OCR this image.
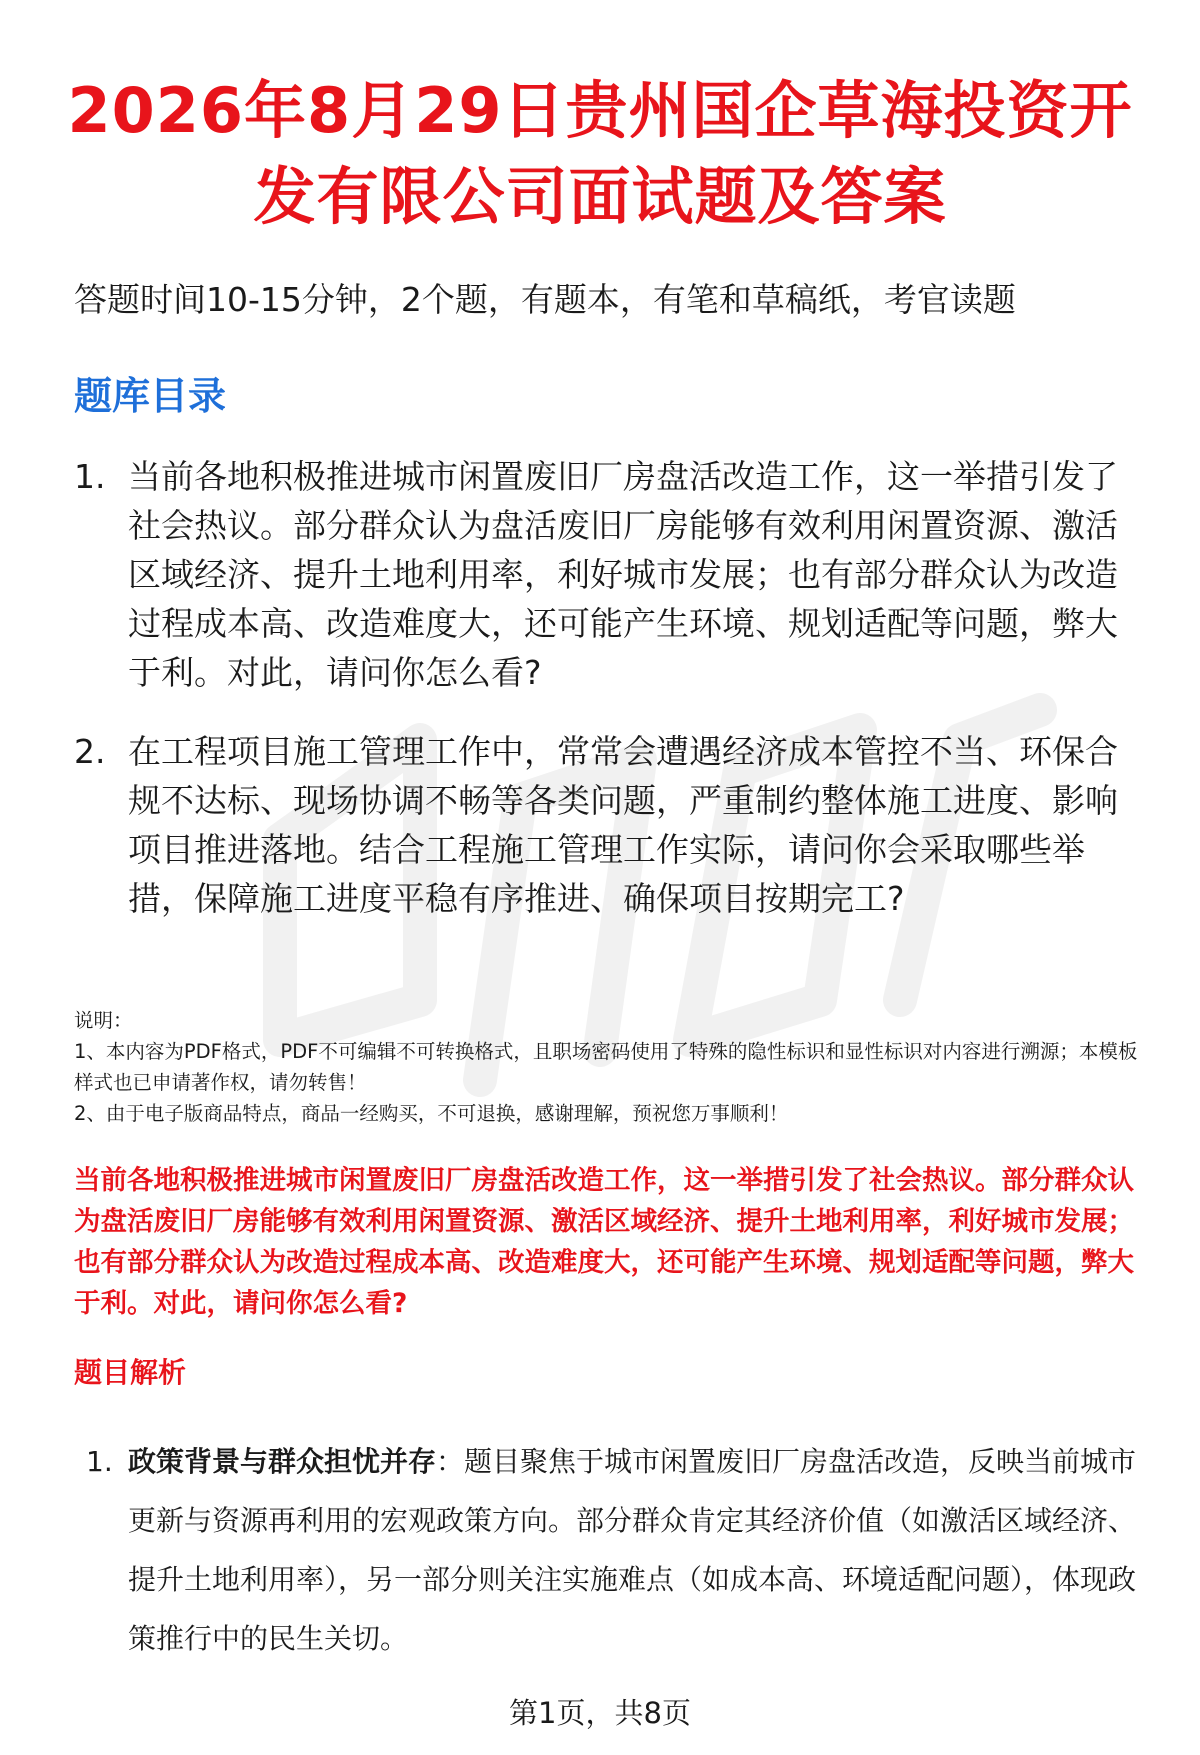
2026年8月29日贵州国企草海投资开发有限公司面试题及答案
答题时间10-15分钟，2个题，有题本，有笔和草稿纸，考官读题
题库目录
1. 当前各地积极推进城市闲置废旧厂房盘活改造工作，这一举措引发了社会热议。部分群众认为盘活废旧厂房能够有效利用闲置资源、激活区域经济、提升土地利用率，利好城市发展；也有部分群众认为改造过程成本高、改造难度大，还可能产生环境、规划适配等问题，弊大于利。对此，请问你怎么看?
2. 在工程项目施工管理工作中，常常会遭遇经济成本管控不当、环保合规不达标、现场协调不畅等各类问题，严重制约整体施工进度、影响项目推进落地。结合工程施工管理工作实际，请问你会采取哪些举措，保障施工进度平稳有序推进、确保项目按期完工?
说明：
1、本内容为PDF格式，PDF不可编辑不可转换格式，且职场密码使用了特殊的隐性标识和显性标识对内容进行溯源；本模板样式也已申请著作权，请勿转售！
2、由于电子版商品特点，商品一经购买，不可退换，感谢理解，预祝您万事顺利！
当前各地积极推进城市闲置废旧厂房盘活改造工作，这一举措引发了社会热议。部分群众认为盘活废旧厂房能够有效利用闲置资源、激活区域经济、提升土地利用率，利好城市发展；也有部分群众认为改造过程成本高、改造难度大，还可能产生环境、规划适配等问题，弊大于利。对此，请问你怎么看?
题目解析
1. 政策背景与群众担忧并存：题目聚焦于城市闲置废旧厂房盘活改造，反映当前城市更新与资源再利用的宏观政策方向。部分群众肯定其经济价值（如激活区域经济、提升土地利用率），另一部分则关注实施难点（如成本高、环境适配问题），体现政策推行中的民生关切。
第1页，共8页
